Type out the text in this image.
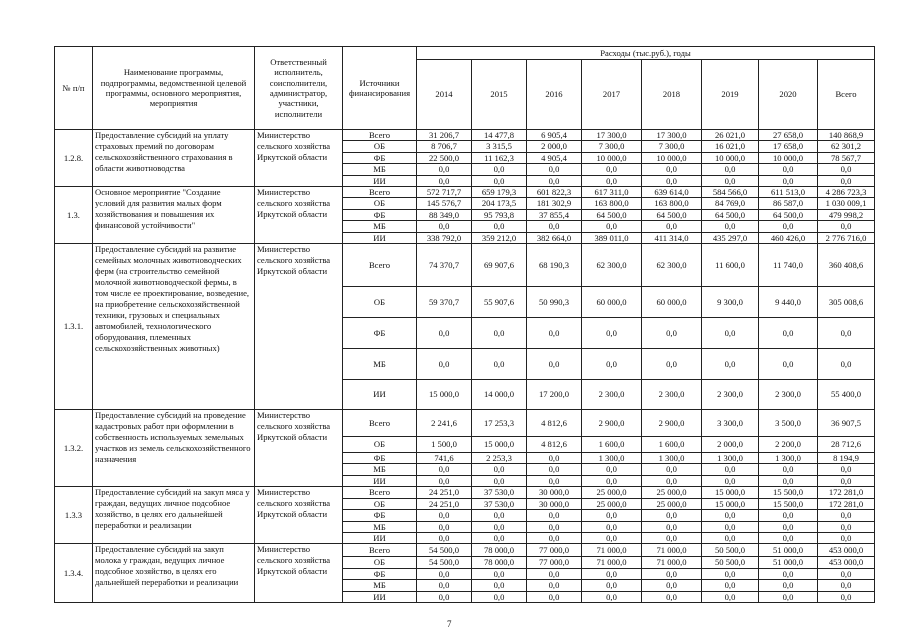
№ п/п	Наименование программы, подпрограммы, ведомственной целевой программы, основного мероприятия, мероприятия	Ответственный исполнитель, соисполнители, администратор, участники, исполнители	Источники финансирования	Расходы (тыс.руб.), годы							
				2014	2015	2016	2017	2018	2019	2020	Всего
1.2.8.	Предоставление субсидий на уплату страховых премий по договорам сельскохозяйственного страхования в области животноводства	Министерство сельского хозяйства Иркутской области	Всего	31 206,7	14 477,8	6 905,4	17 300,0	17 300,0	26 021,0	27 658,0	140 868,9
			ОБ	8 706,7	3 315,5	2 000,0	7 300,0	7 300,0	16 021,0	17 658,0	62 301,2
			ФБ	22 500,0	11 162,3	4 905,4	10 000,0	10 000,0	10 000,0	10 000,0	78 567,7
			МБ	0,0	0,0	0,0	0,0	0,0	0,0	0,0	0,0
			ИИ	0,0	0,0	0,0	0,0	0,0	0,0	0,0	0,0
1.3.	Основное мероприятие "Создание условий для развития малых форм хозяйствования и повышения их финансовой устойчивости"	Министерство сельского хозяйства Иркутской области	Всего	572 717,7	659 179,3	601 822,3	617 311,0	639 614,0	584 566,0	611 513,0	4 286 723,3
			ОБ	145 576,7	204 173,5	181 302,9	163 800,0	163 800,0	84 769,0	86 587,0	1 030 009,1
			ФБ	88 349,0	95 793,8	37 855,4	64 500,0	64 500,0	64 500,0	64 500,0	479 998,2
			МБ	0,0	0,0	0,0	0,0	0,0	0,0	0,0	0,0
			ИИ	338 792,0	359 212,0	382 664,0	389 011,0	411 314,0	435 297,0	460 426,0	2 776 716,0
1.3.1.	Предоставление субсидий на развитие семейных молочных животноводческих ферм (на строительство семейной молочной животноводческой фермы, в том числе ее проектирование, возведение, на приобретение сельскохозяйственной техники, грузовых и специальных автомобилей, технологического оборудования, племенных сельскохозяйственных животных)	Министерство сельского хозяйства Иркутской области	Всего	74 370,7	69 907,6	68 190,3	62 300,0	62 300,0	11 600,0	11 740,0	360 408,6
			ОБ	59 370,7	55 907,6	50 990,3	60 000,0	60 000,0	9 300,0	9 440,0	305 008,6
			ФБ	0,0	0,0	0,0	0,0	0,0	0,0	0,0	0,0
			МБ	0,0	0,0	0,0	0,0	0,0	0,0	0,0	0,0
			ИИ	15 000,0	14 000,0	17 200,0	2 300,0	2 300,0	2 300,0	2 300,0	55 400,0
1.3.2.	Предоставление субсидий на проведение кадастровых работ при оформлении в собственность используемых земельных участков из земель сельскохозяйственного назначения	Министерство сельского хозяйства Иркутской области	Всего	2 241,6	17 253,3	4 812,6	2 900,0	2 900,0	3 300,0	3 500,0	36 907,5
			ОБ	1 500,0	15 000,0	4 812,6	1 600,0	1 600,0	2 000,0	2 200,0	28 712,6
			ФБ	741,6	2 253,3	0,0	1 300,0	1 300,0	1 300,0	1 300,0	8 194,9
			МБ	0,0	0,0	0,0	0,0	0,0	0,0	0,0	0,0
			ИИ	0,0	0,0	0,0	0,0	0,0	0,0	0,0	0,0
1.3.3	Предоставление субсидий на закуп мяса у граждан, ведущих личное подсобное хозяйство, в целях его дальнейшей переработки и реализации	Министерство сельского хозяйства Иркутской области	Всего	24 251,0	37 530,0	30 000,0	25 000,0	25 000,0	15 000,0	15 500,0	172 281,0
			ОБ	24 251,0	37 530,0	30 000,0	25 000,0	25 000,0	15 000,0	15 500,0	172 281,0
			ФБ	0,0	0,0	0,0	0,0	0,0	0,0	0,0	0,0
			МБ	0,0	0,0	0,0	0,0	0,0	0,0	0,0	0,0
			ИИ	0,0	0,0	0,0	0,0	0,0	0,0	0,0	0,0
1.3.4.	Предоставление субсидий на закуп молока у граждан, ведущих личное подсобное хозяйство, в целях его дальнейшей переработки и реализации	Министерство сельского хозяйства Иркутской области	Всего	54 500,0	78 000,0	77 000,0	71 000,0	71 000,0	50 500,0	51 000,0	453 000,0
			ОБ	54 500,0	78 000,0	77 000,0	71 000,0	71 000,0	50 500,0	51 000,0	453 000,0
			ФБ	0,0	0,0	0,0	0,0	0,0	0,0	0,0	0,0
			МБ	0,0	0,0	0,0	0,0	0,0	0,0	0,0	0,0
			ИИ	0,0	0,0	0,0	0,0	0,0	0,0	0,0	0,0
7
